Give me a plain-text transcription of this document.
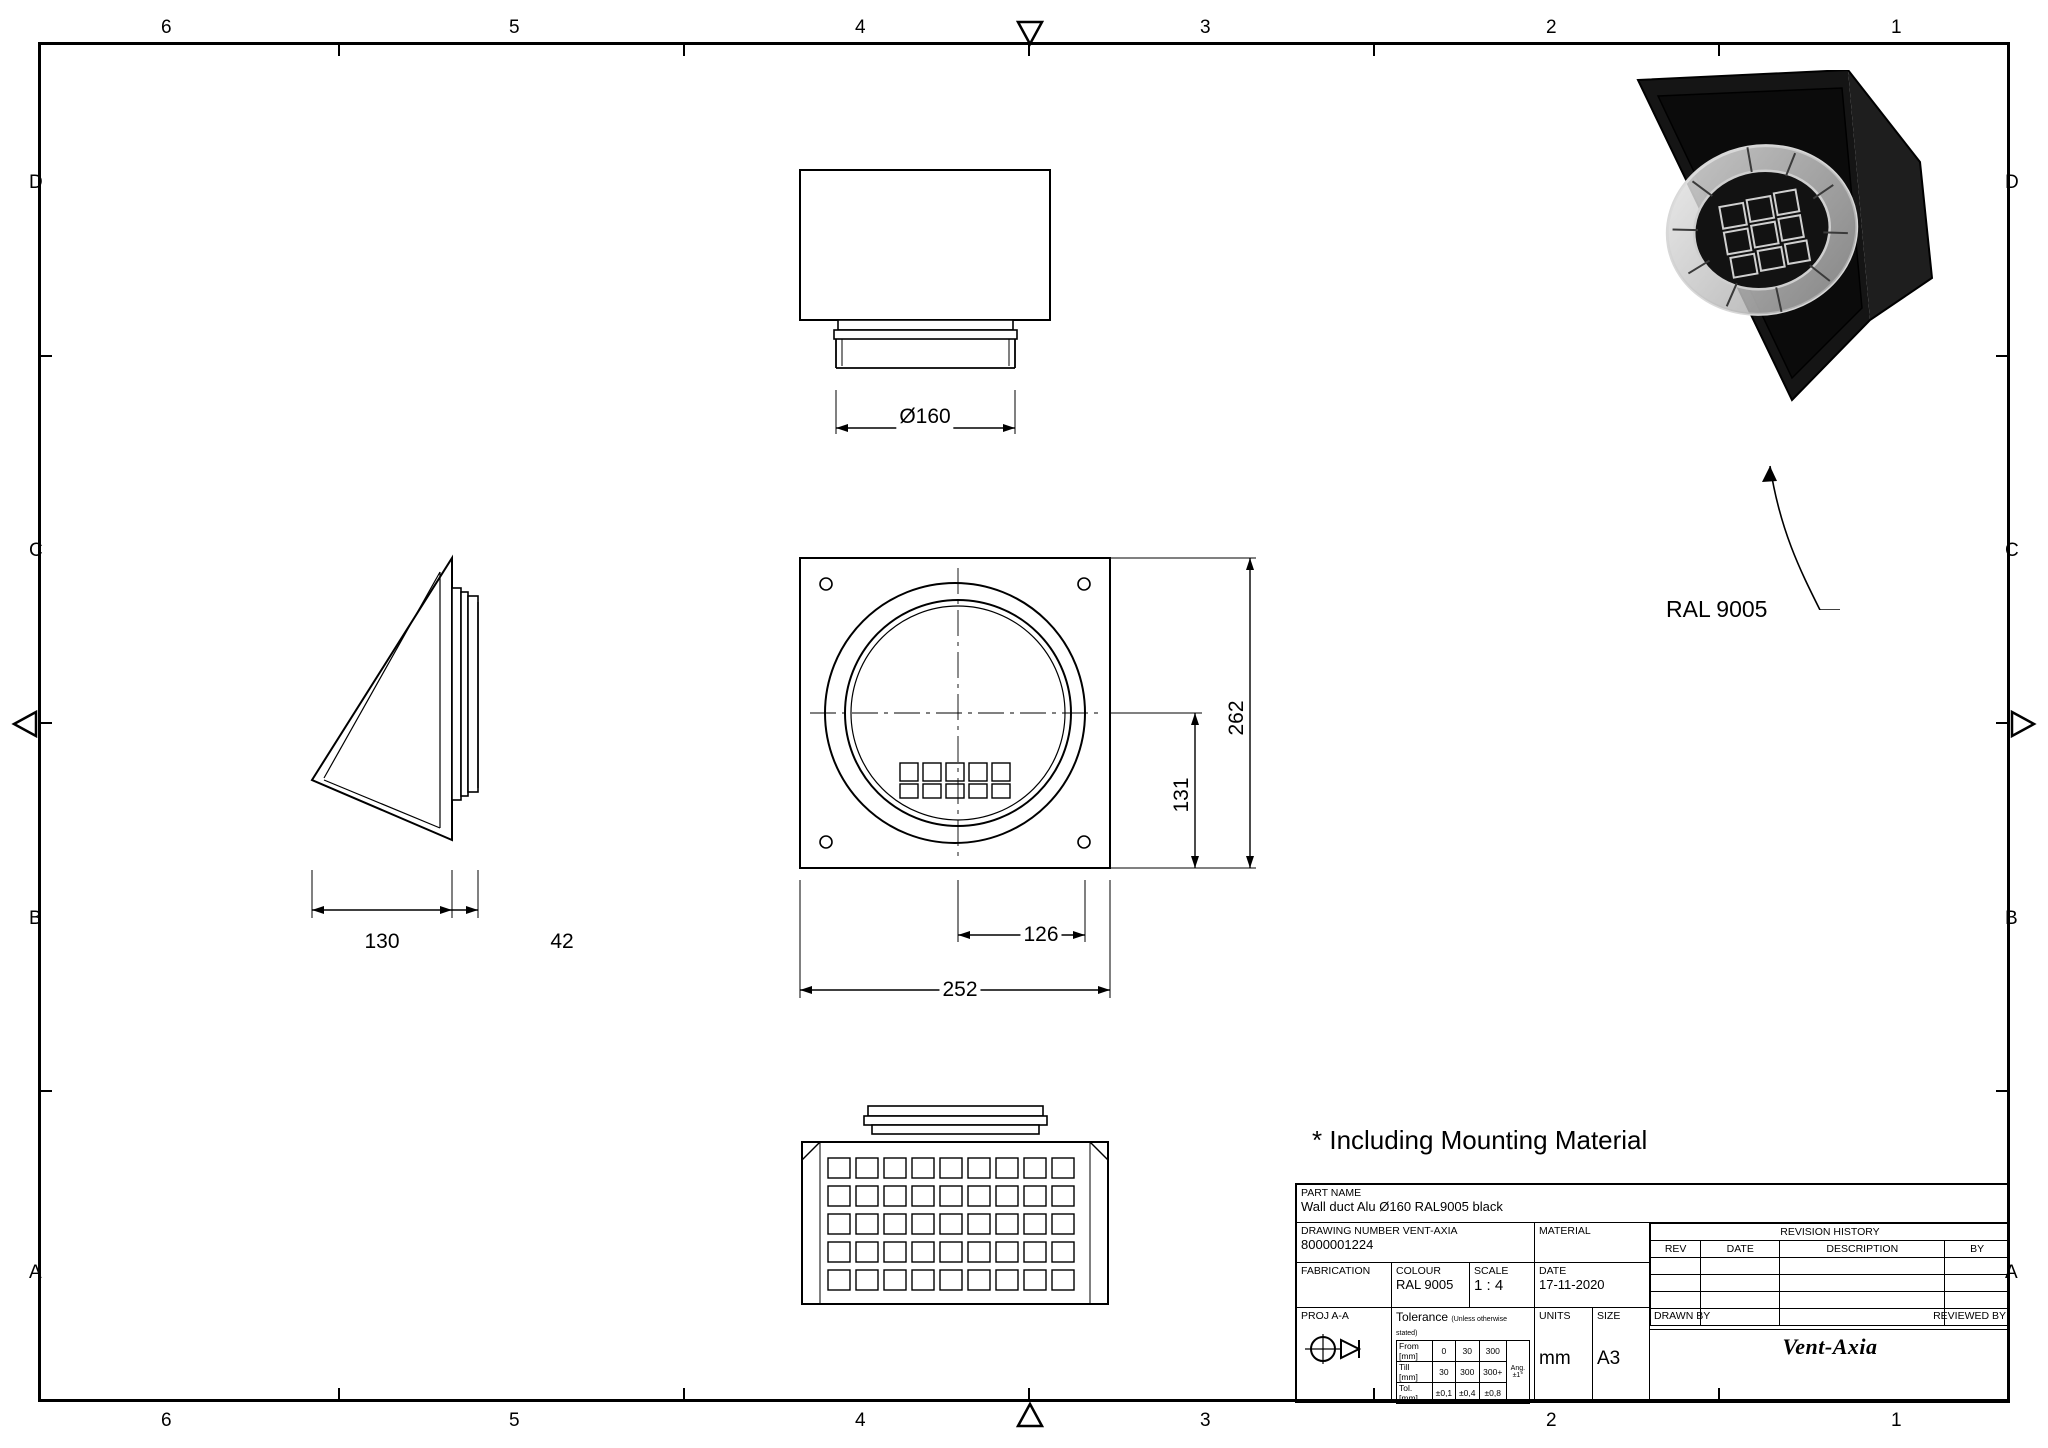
6	5	4	3	2	1
6	5	4	3	2	1
D
C
B
A
D
C
B
A
Ø160
130	42
262
131
126
252
RAL 9005
* Including Mounting Material
PART NAME
Wall duct Alu Ø160 RAL9005 black
DRAWING NUMBER VENT-AXIA
8000001224
MATERIAL	REVISION HISTORY			
REV	DATE	DESCRIPTION	BY

FABRICATION	COLOUR
RAL 9005
SCALE
1 : 4
DATE
17-11-2020
PROJ A-A	Tolerance (Unless otherwise stated)
From [mm]	0	30	300	Ang.
±1°

Till [mm]	30	300	300+	
Tol. [mm]	±0,1	±0,4	±0,8	
UNITS
mm
SIZE
A3
DRAWN BY	REVIEWED BY
Vent-Axia
